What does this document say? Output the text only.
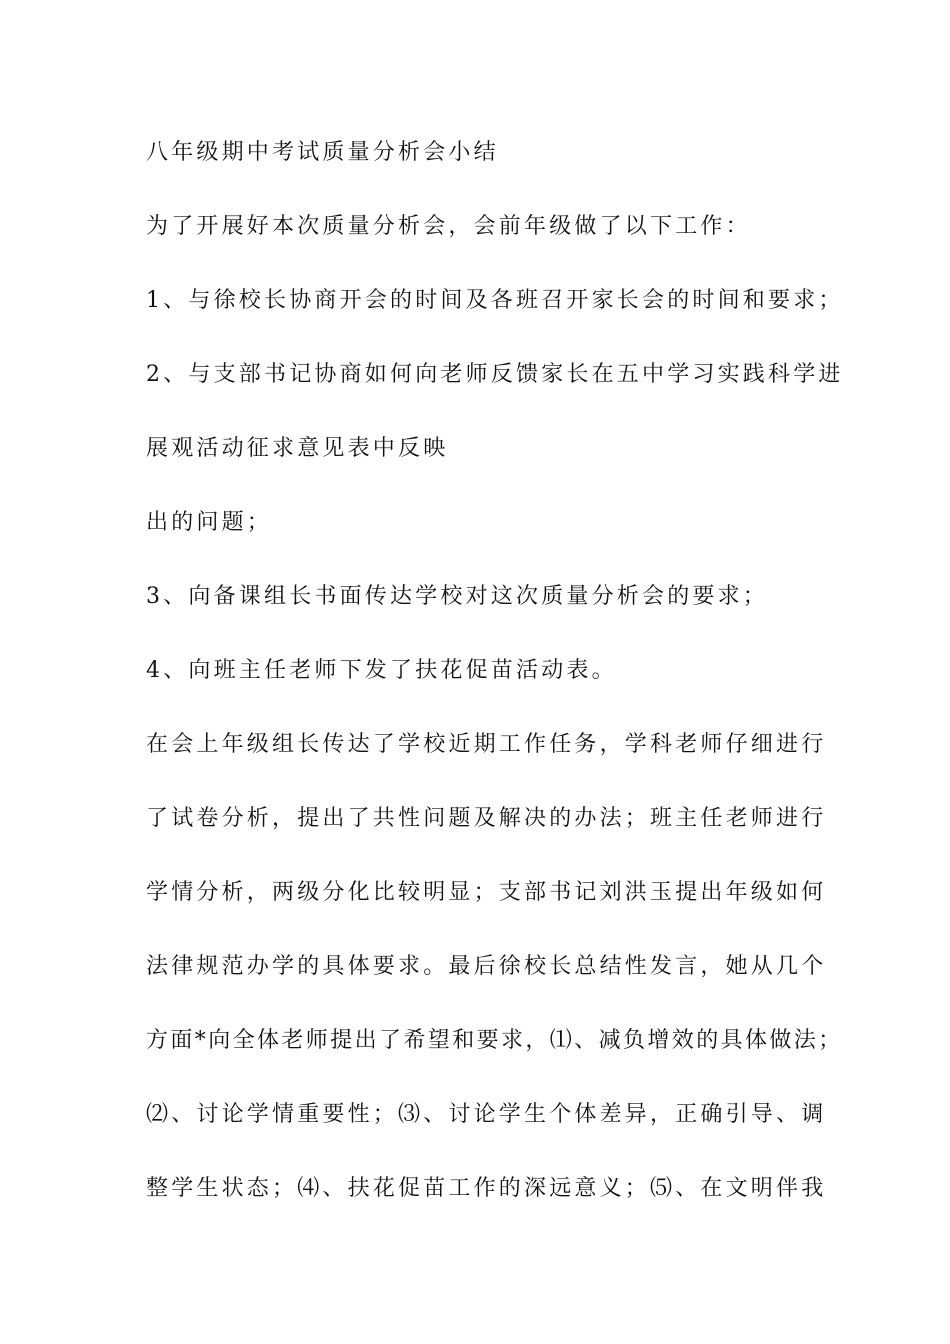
八年级期中考试质量分析会小结
为了开展好本次质量分析会，会前年级做了以下工作：
1、与徐校长协商开会的时间及各班召开家长会的时间和要求；
2、与支部书记协商如何向老师反馈家长在五中学习实践科学进
展观活动征求意见表中反映
出的问题；
3、向备课组长书面传达学校对这次质量分析会的要求；
4、向班主任老师下发了扶花促苗活动表。
在会上年级组长传达了学校近期工作任务，学科老师仔细进行
了试卷分析，提出了共性问题及解决的办法；班主任老师进行
学情分析，两级分化比较明显；支部书记刘洪玉提出年级如何
法律规范办学的具体要求。最后徐校长总结性发言，她从几个
方面*向全体老师提出了希望和要求，⑴、减负增效的具体做法；
⑵、讨论学情重要性；⑶、讨论学生个体差异，正确引导、调
整学生状态；⑷、扶花促苗工作的深远意义；⑸、在文明伴我
